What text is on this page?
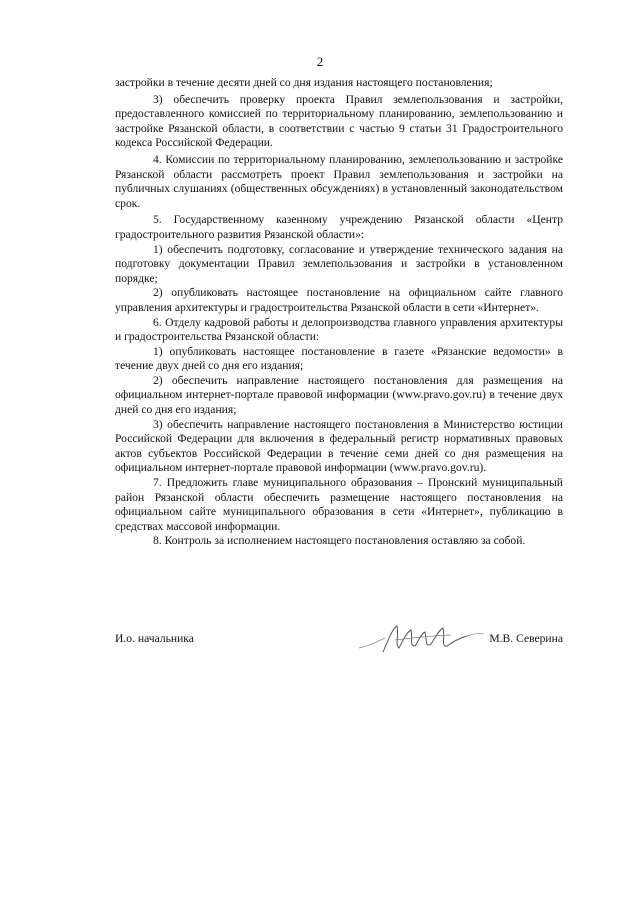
2

застройки в течение десяти дней со дня издания настоящего постановления;

3) обеспечить проверку проекта Правил землепользования и застройки, предоставленного комиссией по территориальному планированию, землепользованию и застройке Рязанской области, в соответствии с частью 9 статьи 31 Градостроительного кодекса Российской Федерации.

4. Комиссии по территориальному планированию, землепользованию и застройке Рязанской области рассмотреть проект Правил землепользования и застройки на публичных слушаниях (общественных обсуждениях) в установленный законодательством срок.

5. Государственному казенному учреждению Рязанской области «Центр градостроительного развития Рязанской области»:

1) обеспечить подготовку, согласование и утверждение технического задания на подготовку документации Правил землепользования и застройки в установленном порядке;

2) опубликовать настоящее постановление на официальном сайте главного управления архитектуры и градостроительства Рязанской области в сети «Интернет».

6. Отделу кадровой работы и делопроизводства главного управления архитектуры и градостроительства Рязанской области:

1) опубликовать настоящее постановление в газете «Рязанские ведомости» в течение двух дней со дня его издания;

2) обеспечить направление настоящего постановления для размещения на официальном интернет-портале правовой информации (www.pravo.gov.ru) в течение двух дней со дня его издания;

3) обеспечить направление настоящего постановления в Министерство юстиции Российской Федерации для включения в федеральный регистр нормативных правовых актов субъектов Российской Федерации в течение семи дней со дня размещения на официальном интернет-портале правовой информации (www.pravo.gov.ru).

7. Предложить главе муниципального образования – Пронский муниципальный район Рязанской области обеспечить размещение настоящего постановления на официальном сайте муниципального образования в сети «Интернет», публикацию в средствах массовой информации.

8. Контроль за исполнением настоящего постановления оставляю за собой.

И.о. начальника	М.В. Северина
